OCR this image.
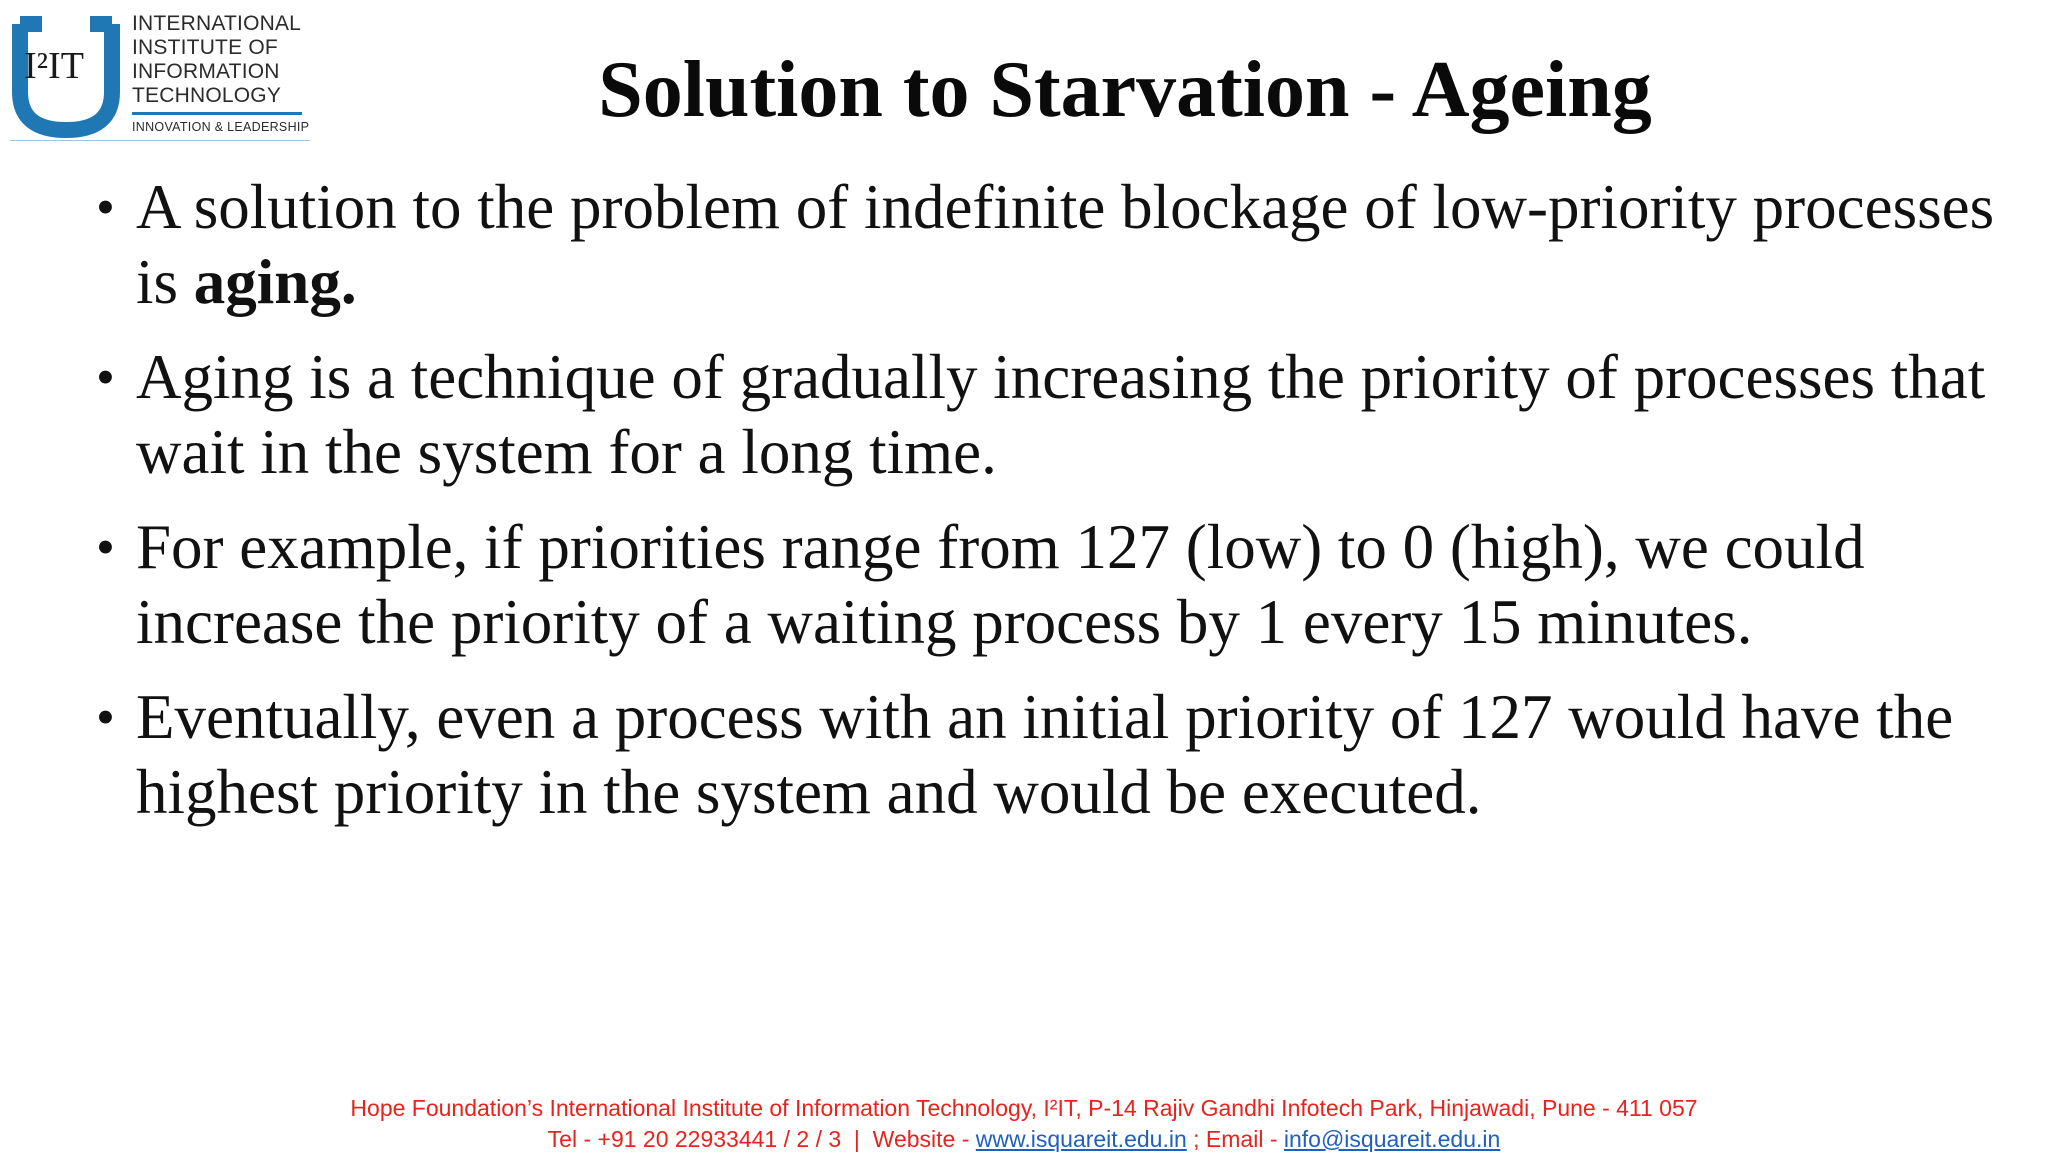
I²IT
INTERNATIONAL
INSTITUTE OF
INFORMATION
TECHNOLOGY
INNOVATION & LEADERSHIP	Solution to Starvation - Ageing
• A solution to the problem of indefinite blockage of low-priority processes is aging.
• Aging is a technique of gradually increasing the priority of processes that wait in the system for a long time.
• For example, if priorities range from 127 (low) to 0 (high), we could increase the priority of a waiting process by 1 every 15 minutes.
• Eventually, even a process with an initial priority of 127 would have the highest priority in the system and would be executed.
Hope Foundation’s International Institute of Information Technology, I²IT, P-14 Rajiv Gandhi Infotech Park, Hinjawadi, Pune - 411 057
Tel - +91 20 22933441 / 2 / 3  |  Website - www.isquareit.edu.in ; Email - info@isquareit.edu.in
